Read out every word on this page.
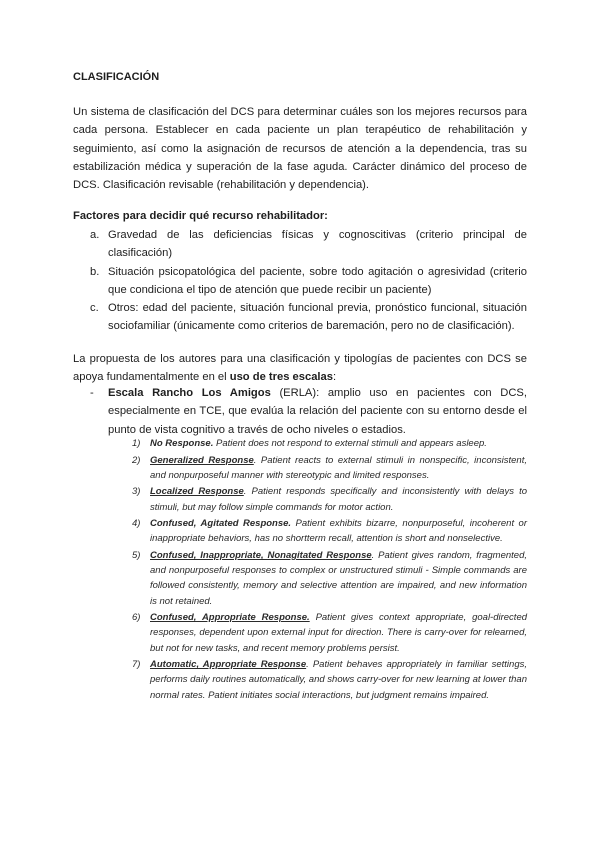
CLASIFICACIÓN

Un sistema de clasificación del DCS para determinar cuáles son los mejores recursos para cada persona. Establecer en cada paciente un plan terapéutico de rehabilitación y seguimiento, así como la asignación de recursos de atención a la dependencia, tras su estabilización médica y superación de la fase aguda. Carácter dinámico del proceso de DCS. Clasificación revisable (rehabilitación y dependencia).

Factores para decidir qué recurso rehabilitador:

a. Gravedad de las deficiencias físicas y cognoscitivas (criterio principal de clasificación)
b. Situación psicopatológica del paciente, sobre todo agitación o agresividad (criterio que condiciona el tipo de atención que puede recibir un paciente)
c. Otros: edad del paciente, situación funcional previa, pronóstico funcional, situación sociofamiliar (únicamente como criterios de baremación, pero no de clasificación).

La propuesta de los autores para una clasificación y tipologías de pacientes con DCS se apoya fundamentalmente en el uso de tres escalas:

- Escala Rancho Los Amigos (ERLA): amplio uso en pacientes con DCS, especialmente en TCE, que evalúa la relación del paciente con su entorno desde el punto de vista cognitivo a través de ocho niveles o estadios.
1) No Response. Patient does not respond to external stimuli and appears asleep.
2) Generalized Response. Patient reacts to external stimuli in nonspecific, inconsistent, and nonpurposeful manner with stereotypic and limited responses.
3) Localized Response. Patient responds specifically and inconsistently with delays to stimuli, but may follow simple commands for motor action.
4) Confused, Agitated Response. Patient exhibits bizarre, nonpurposeful, incoherent or inappropriate behaviors, has no shortterm recall, attention is short and nonselective.
5) Confused, Inappropriate, Nonagitated Response. Patient gives random, fragmented, and nonpurposeful responses to complex or unstructured stimuli - Simple commands are followed consistently, memory and selective attention are impaired, and new information is not retained.
6) Confused, Appropriate Response. Patient gives context appropriate, goal-directed responses, dependent upon external input for direction. There is carry-over for relearned, but not for new tasks, and recent memory problems persist.
7) Automatic, Appropriate Response. Patient behaves appropriately in familiar settings, performs daily routines automatically, and shows carry-over for new learning at lower than normal rates. Patient initiates social interactions, but judgment remains impaired.
